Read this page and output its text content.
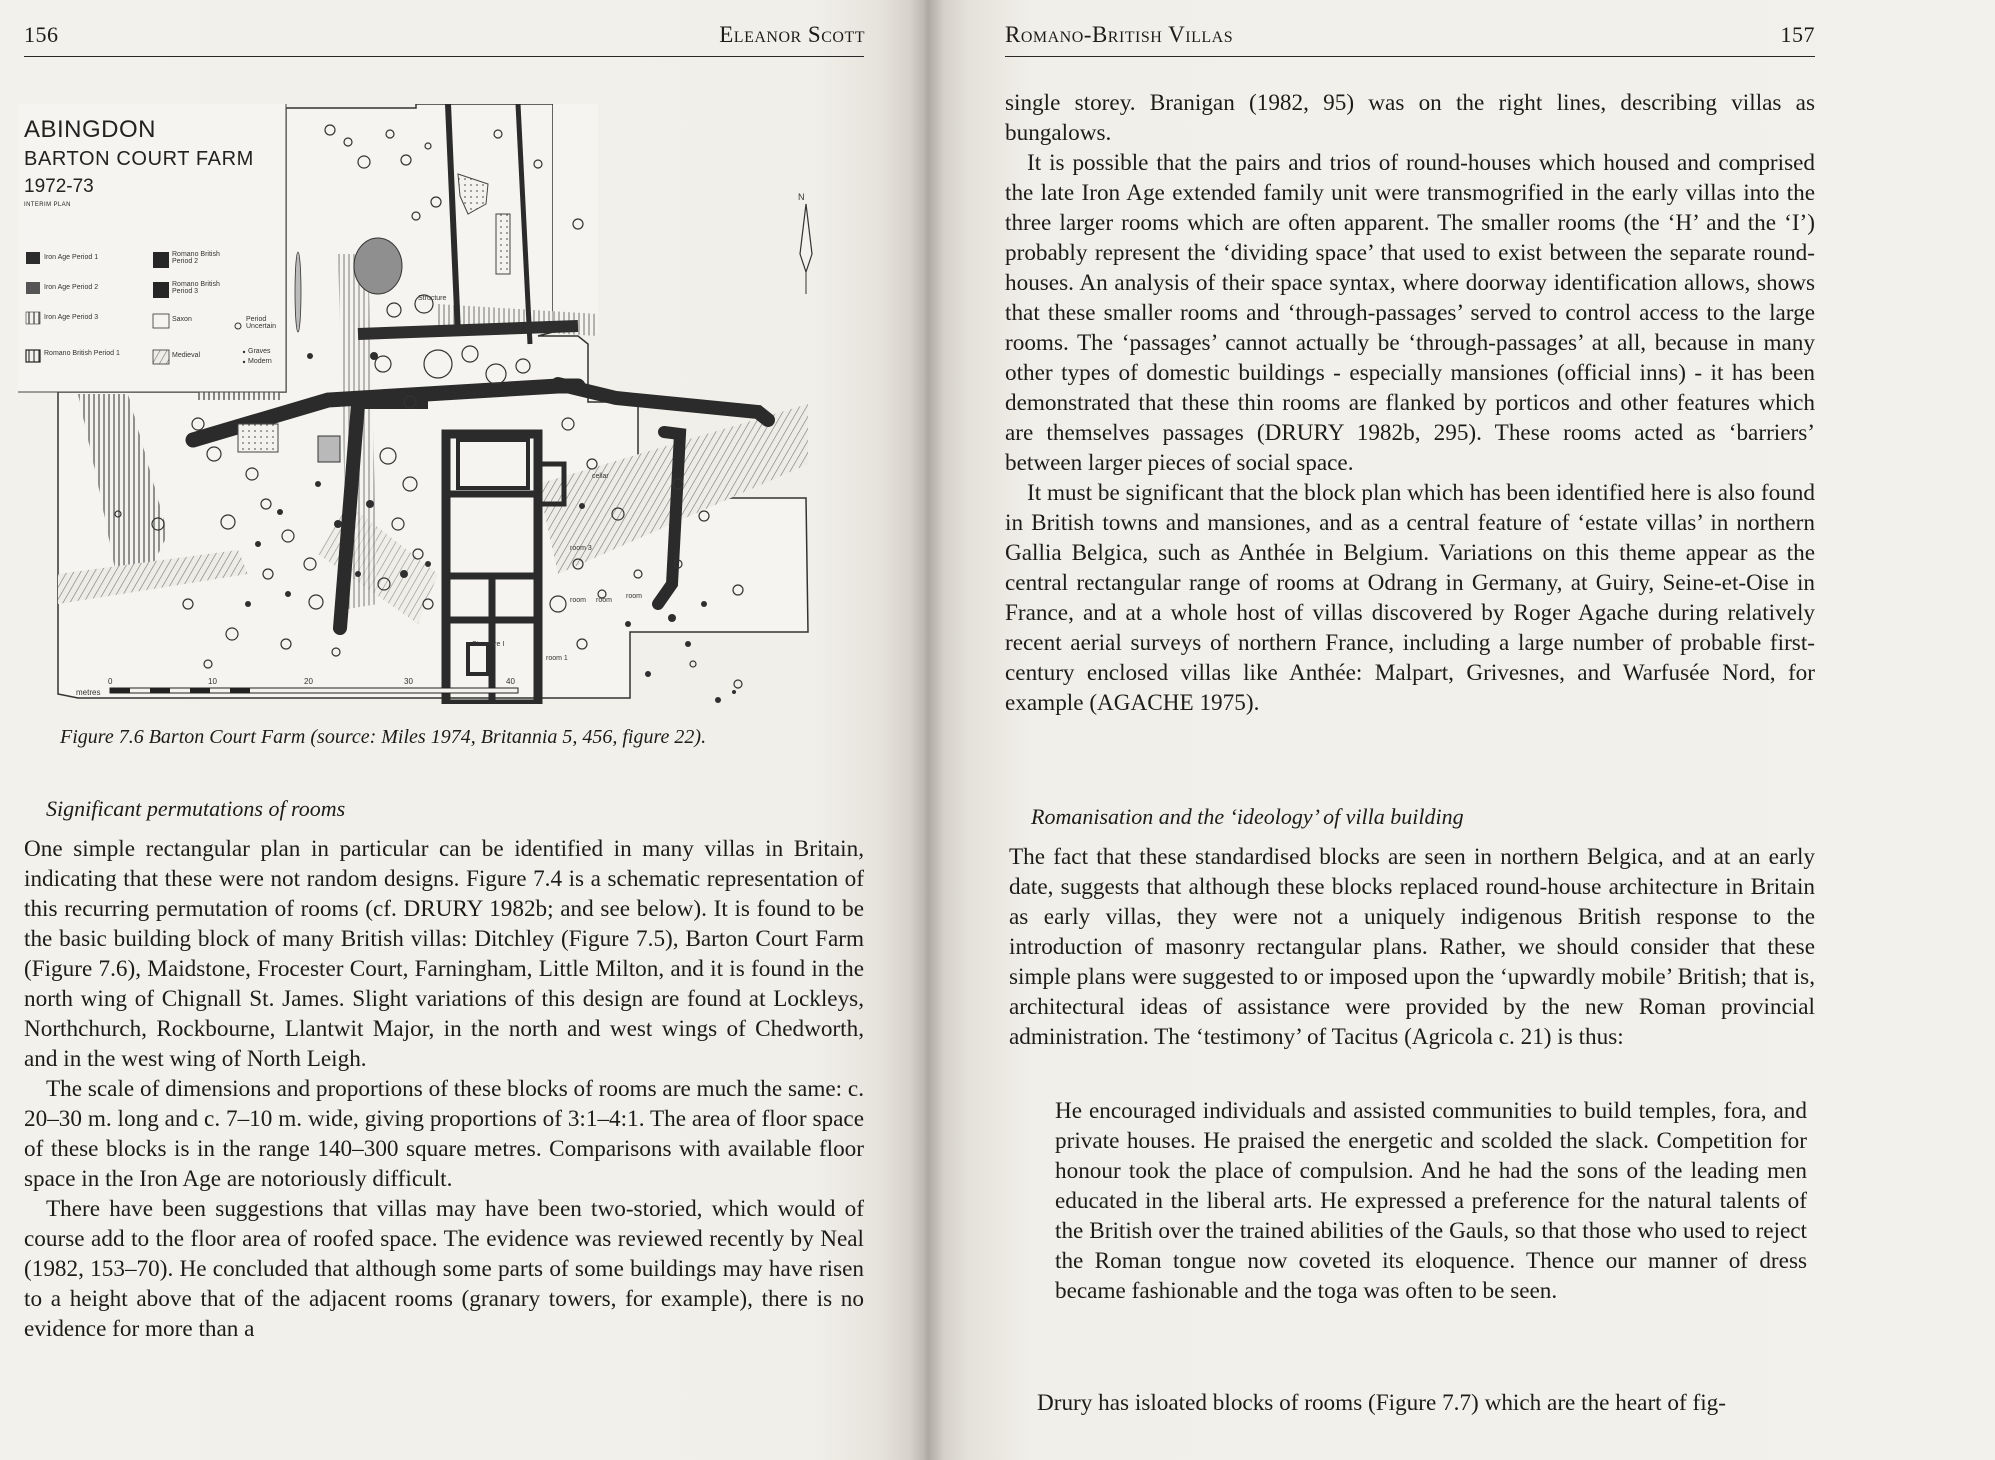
156	Eleanor Scott
N
Structure
cellar
room 3
room room
room
room 1
Structure I
metres
0	10	20	30	40
ABINGDON
BARTON COURT FARM
1972-73
INTERIM PLAN
Iron Age Period 1
Iron Age Period 2
Iron Age Period 3
Romano British Period 1
Romano British Period 2
Romano British Period 3
Saxon
Medieval
Period Uncertain
Graves
Modern
Figure 7.6 Barton Court Farm (source: Miles 1974, Britannia 5, 456, figure 22).
Significant permutations of rooms

One simple rectangular plan in particular can be identified in many villas in Britain, indicating that these were not random designs. Figure 7.4 is a schematic representation of this recurring permutation of rooms (cf. DRURY 1982b; and see below). It is found to be the basic building block of many British villas: Ditchley (Figure 7.5), Barton Court Farm (Figure 7.6), Maidstone, Frocester Court, Farningham, Little Milton, and it is found in the north wing of Chignall St. James. Slight variations of this design are found at Lockleys, Northchurch, Rockbourne, Llantwit Major, in the north and west wings of Chedworth, and in the west wing of North Leigh.

The scale of dimensions and proportions of these blocks of rooms are much the same: c. 20–30 m. long and c. 7–10 m. wide, giving proportions of 3:1–4:1. The area of floor space of these blocks is in the range 140–300 square metres. Comparisons with available floor space in the Iron Age are notoriously difficult.

There have been suggestions that villas may have been two-storied, which would of course add to the floor area of roofed space. The evidence was reviewed recently by Neal (1982, 153–70). He concluded that although some parts of some buildings may have risen to a height above that of the adjacent rooms (granary towers, for example), there is no evidence for more than a

Romano-British Villas	157

single storey. Branigan (1982, 95) was on the right lines, describing villas as bungalows.

It is possible that the pairs and trios of round-houses which housed and comprised the late Iron Age extended family unit were transmogrified in the early villas into the three larger rooms which are often apparent. The smaller rooms (the ‘H’ and the ‘I’) probably represent the ‘dividing space’ that used to exist between the separate round-houses. An analysis of their space syntax, where doorway identification allows, shows that these smaller rooms and ‘through-passages’ served to control access to the large rooms. The ‘passages’ cannot actually be ‘through-passages’ at all, because in many other types of domestic buildings - especially mansiones (official inns) - it has been demonstrated that these thin rooms are flanked by porticos and other features which are themselves passages (DRURY 1982b, 295). These rooms acted as ‘barriers’ between larger pieces of social space.

It must be significant that the block plan which has been identified here is also found in British towns and mansiones, and as a central feature of ‘estate villas’ in northern Gallia Belgica, such as Anthée in Belgium. Variations on this theme appear as the central rectangular range of rooms at Odrang in Germany, at Guiry, Seine-et-Oise in France, and at a whole host of villas discovered by Roger Agache during relatively recent aerial surveys of northern France, including a large number of probable first-century enclosed villas like Anthée: Malpart, Grivesnes, and Warfusée Nord, for example (AGACHE 1975).

Romanisation and the ‘ideology’ of villa building

The fact that these standardised blocks are seen in northern Belgica, and at an early date, suggests that although these blocks replaced round-house architecture in Britain as early villas, they were not a uniquely indigenous British response to the introduction of masonry rectangular plans. Rather, we should consider that these simple plans were suggested to or imposed upon the ‘upwardly mobile’ British; that is, architectural ideas of assistance were provided by the new Roman provincial administration. The ‘testimony’ of Tacitus (Agricola c. 21) is thus:

He encouraged individuals and assisted communities to build temples, fora, and private houses. He praised the energetic and scolded the slack. Competition for honour took the place of compulsion. And he had the sons of the leading men educated in the liberal arts. He expressed a preference for the natural talents of the British over the trained abilities of the Gauls, so that those who used to reject the Roman tongue now coveted its eloquence. Thence our manner of dress became fashionable and the toga was often to be seen.

Drury has isloated blocks of rooms (Figure 7.7) which are the heart of fig-
